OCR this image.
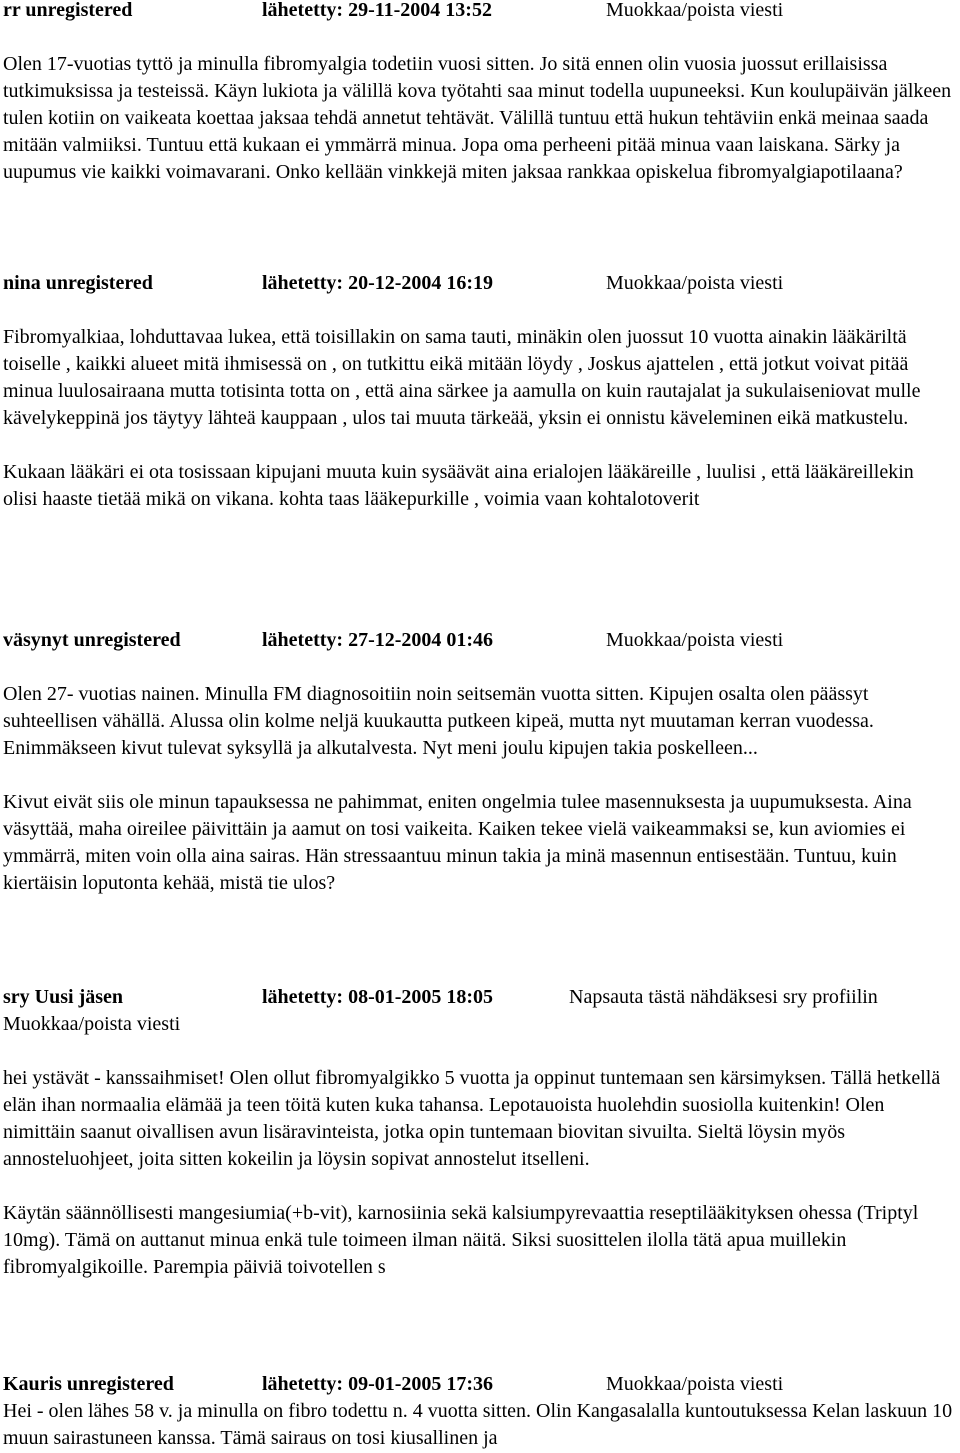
rr unregistered	lähetetty: 29-11-2004 13:52	Muokkaa/poista viesti

Olen 17-vuotias tyttö ja minulla fibromyalgia todetiin vuosi sitten. Jo sitä ennen olin vuosia juossut erillaisissa tutkimuksissa ja testeissä. Käyn lukiota ja välillä kova työtahti saa minut todella uupuneeksi. Kun koulupäivän jälkeen tulen kotiin on vaikeata koettaa jaksaa tehdä annetut tehtävät. Välillä tuntuu että hukun tehtäviin enkä meinaa saada mitään valmiiksi. Tuntuu että kukaan ei ymmärrä minua. Jopa oma perheeni pitää minua vaan laiskana. Särky ja uupumus vie kaikki voimavarani. Onko kellään vinkkejä miten jaksaa rankkaa opiskelua fibromyalgiapotilaana?

nina unregistered	lähetetty: 20-12-2004 16:19	Muokkaa/poista viesti

Fibromyalkiaa, lohduttavaa lukea, että toisillakin on sama tauti, minäkin olen juossut 10 vuotta ainakin lääkäriltä toiselle , kaikki alueet mitä ihmisessä on , on tutkittu eikä mitään löydy , Joskus ajattelen , että jotkut voivat pitää minua luulosairaana mutta totisinta totta on , että aina särkee ja aamulla on kuin rautajalat ja sukulaiseniovat mulle kävelykeppinä jos täytyy lähteä kauppaan , ulos tai muuta tärkeää, yksin ei onnistu käveleminen eikä matkustelu.

Kukaan lääkäri ei ota tosissaan kipujani muuta kuin sysäävät aina erialojen lääkäreille , luulisi , että lääkäreillekin olisi haaste tietää mikä on vikana. kohta taas lääkepurkille , voimia vaan kohtalotoverit

väsynyt unregistered	lähetetty: 27-12-2004 01:46	Muokkaa/poista viesti

Olen 27- vuotias nainen. Minulla FM diagnosoitiin noin seitsemän vuotta sitten. Kipujen osalta olen päässyt suhteellisen vähällä. Alussa olin kolme neljä kuukautta putkeen kipeä, mutta nyt muutaman kerran vuodessa. Enimmäkseen kivut tulevat syksyllä ja alkutalvesta. Nyt meni joulu kipujen takia poskelleen...

Kivut eivät siis ole minun tapauksessa ne pahimmat, eniten ongelmia tulee masennuksesta ja uupumuksesta. Aina väsyttää, maha oireilee päivittäin ja aamut on tosi vaikeita. Kaiken tekee vielä vaikeammaksi se, kun aviomies ei ymmärrä, miten voin olla aina sairas. Hän stressaantuu minun takia ja minä masennun entisestään. Tuntuu, kuin kiertäisin loputonta kehää, mistä tie ulos?

sry Uusi jäsen	lähetetty: 08-01-2005 18:05	Napsauta tästä nähdäksesi sry profiilin
Muokkaa/poista viesti

hei ystävät - kanssaihmiset! Olen ollut fibromyalgikko 5 vuotta ja oppinut tuntemaan sen kärsimyksen. Tällä hetkellä elän ihan normaalia elämää ja teen töitä kuten kuka tahansa. Lepotauoista huolehdin suosiolla kuitenkin! Olen nimittäin saanut oivallisen avun lisäravinteista, jotka opin tuntemaan biovitan sivuilta. Sieltä löysin myös annosteluohjeet, joita sitten kokeilin ja löysin sopivat annostelut itselleni.

Käytän säännöllisesti mangesiumia(+b-vit), karnosiinia sekä kalsiumpyrevaattia reseptilääkityksen ohessa (Triptyl 10mg). Tämä on auttanut minua enkä tule toimeen ilman näitä. Siksi suosittelen ilolla tätä apua muillekin fibromyalgikoille. Parempia päiviä toivotellen s

Kauris unregistered	lähetetty: 09-01-2005 17:36	Muokkaa/poista viesti

Hei - olen lähes 58 v. ja minulla on fibro todettu n. 4 vuotta sitten. Olin Kangasalalla kuntoutuksessa Kelan laskuun 10 muun sairastuneen kanssa. Tämä sairaus on tosi kiusallinen ja
